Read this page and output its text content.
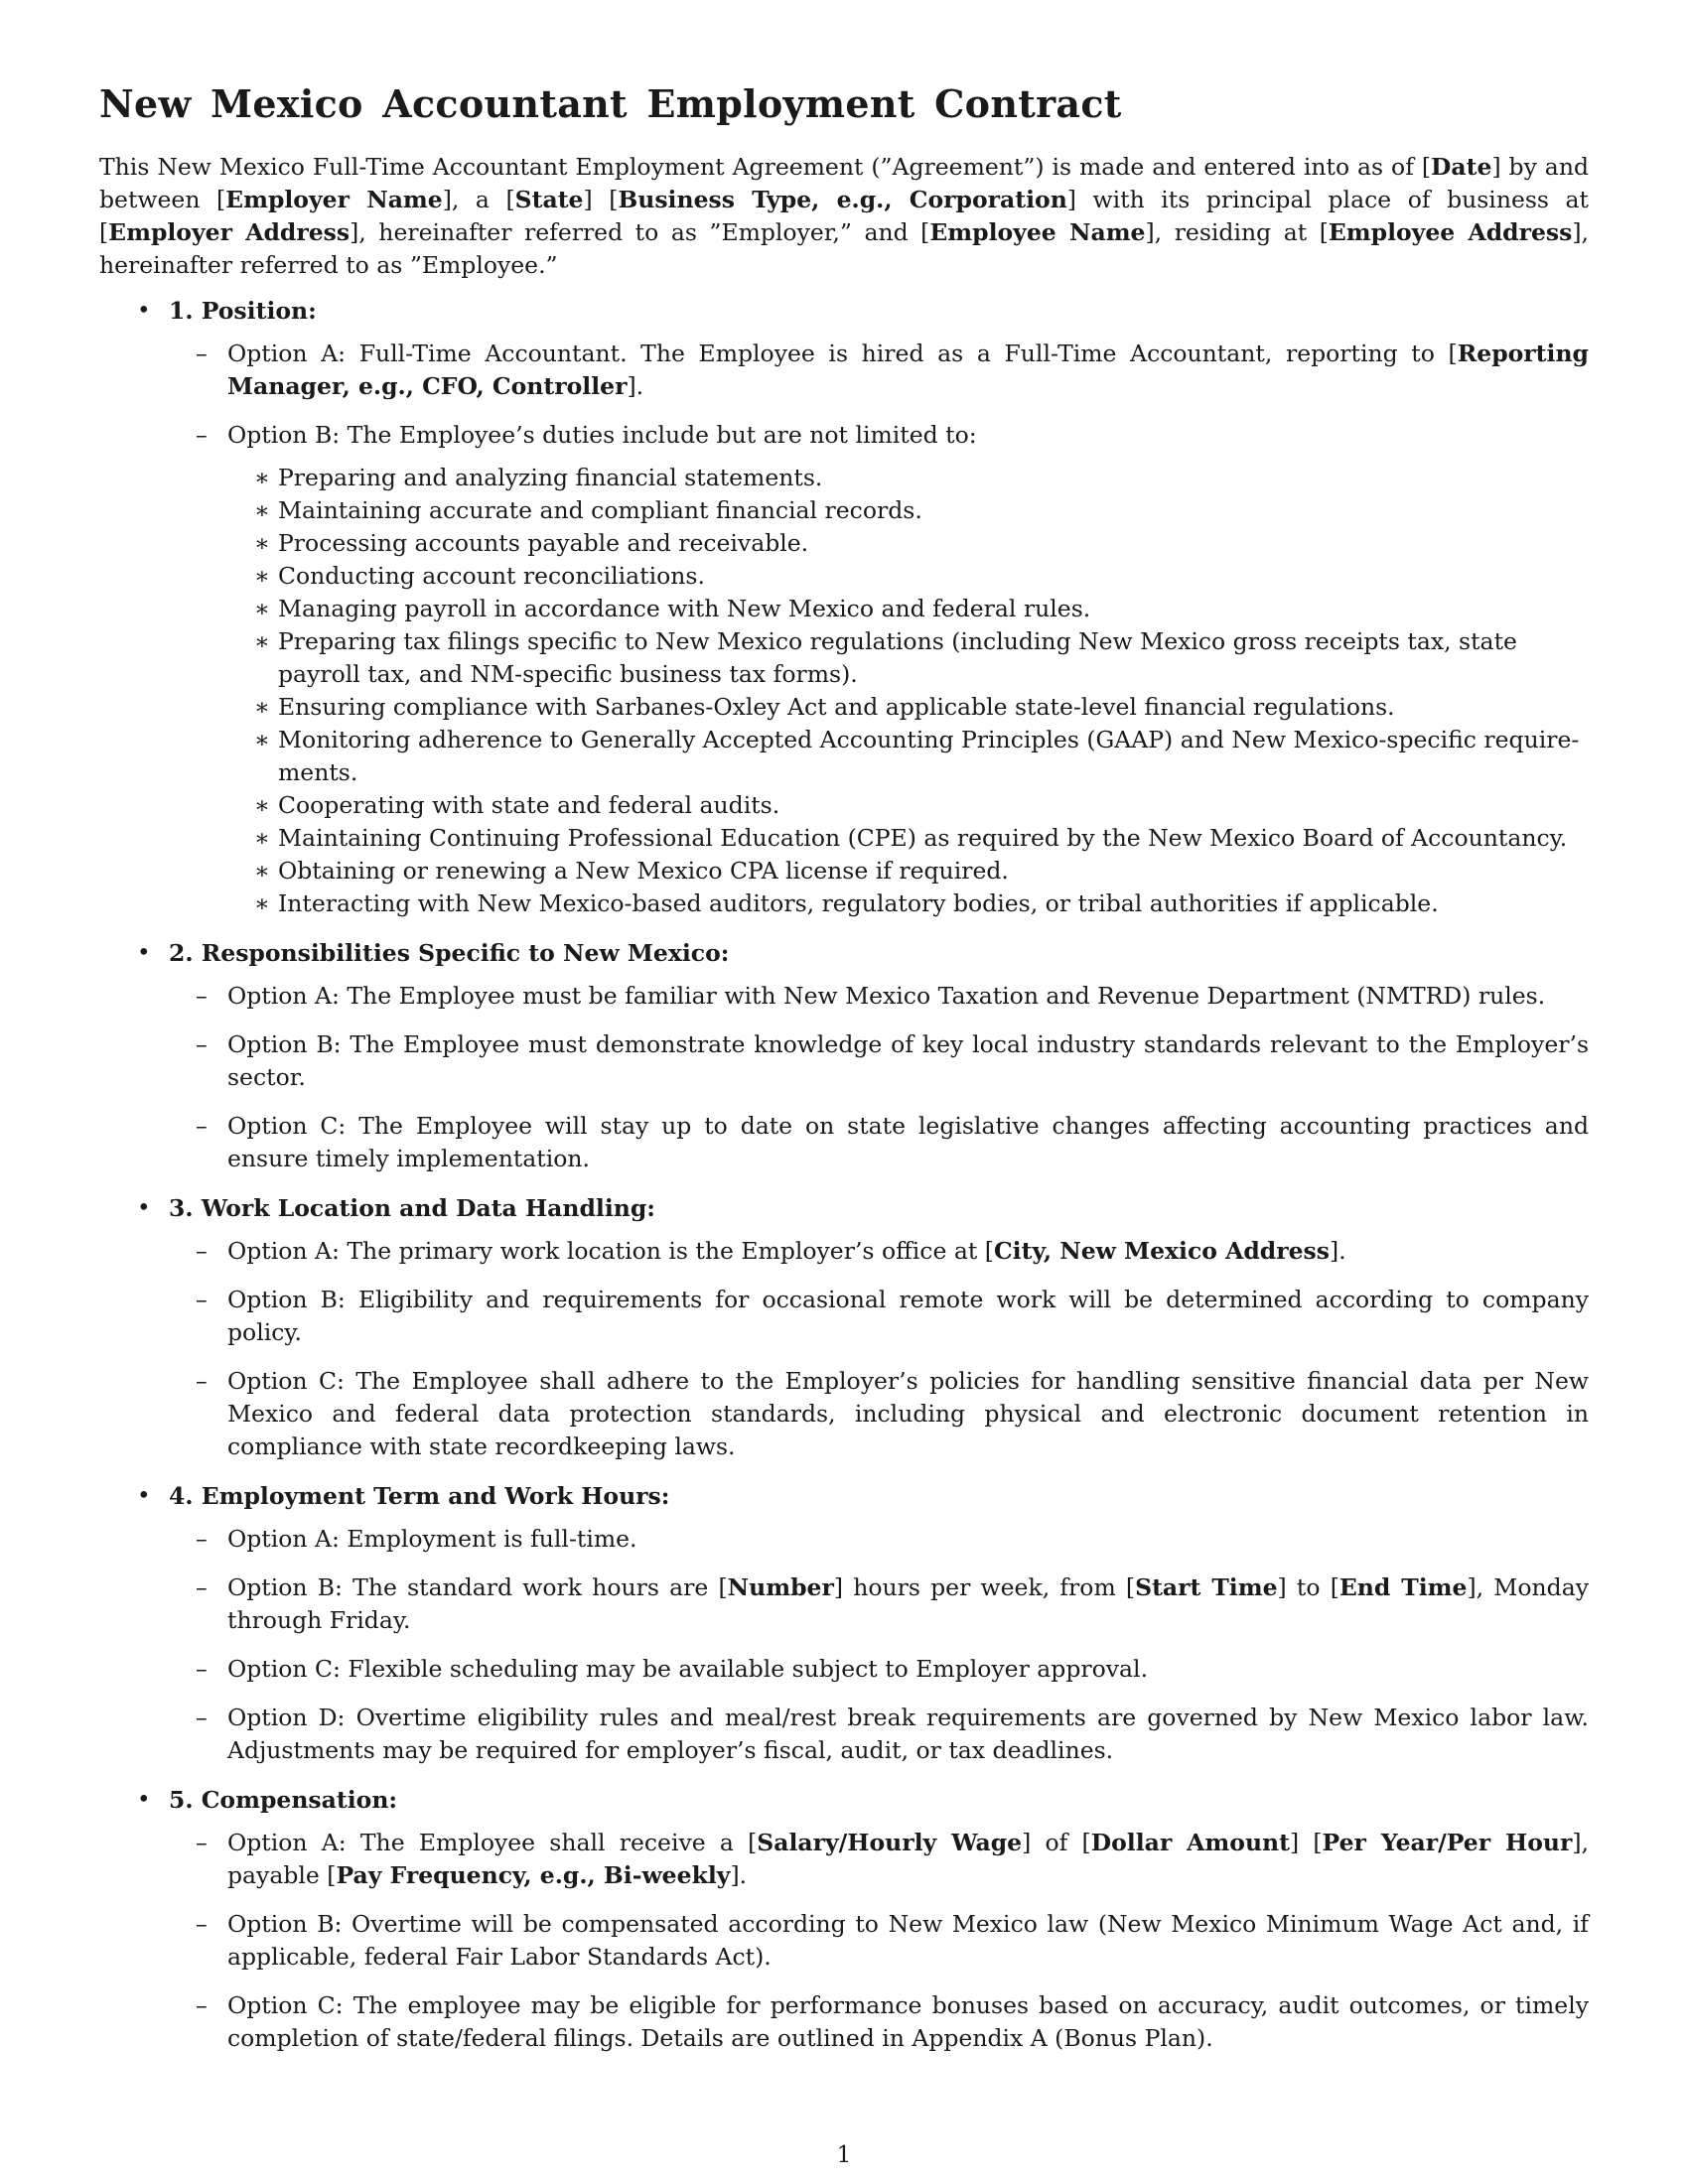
New Mexico Accountant Employment Contract

This New Mexico Full-Time Accountant Employment Agreement (”Agreement”) is made and entered into as of [Date] by and between [Employer Name], a [State] [Business Type, e.g., Corporation] with its principal place of business at [Employer Address], hereinafter referred to as ”Employer,” and [Employee Name], residing at [Employee Address], hereinafter referred to as ”Employee.”

• 1. Position:
– Option A: Full-Time Accountant. The Employee is hired as a Full-Time Accountant, reporting to [Reporting Manager, e.g., CFO, Controller].
– Option B: The Employee’s duties include but are not limited to:
∗ Preparing and analyzing financial statements.
∗ Maintaining accurate and compliant financial records.
∗ Processing accounts payable and receivable.
∗ Conducting account reconciliations.
∗ Managing payroll in accordance with New Mexico and federal rules.
∗ Preparing tax filings specific to New Mexico regulations (including New Mexico gross receipts tax, state payroll tax, and NM-specific business tax forms).
∗ Ensuring compliance with Sarbanes-Oxley Act and applicable state-level financial regulations.
∗ Monitoring adherence to Generally Accepted Accounting Principles (GAAP) and New Mexico-specific require-ments.
∗ Cooperating with state and federal audits.
∗ Maintaining Continuing Professional Education (CPE) as required by the New Mexico Board of Accountancy.
∗ Obtaining or renewing a New Mexico CPA license if required.
∗ Interacting with New Mexico-based auditors, regulatory bodies, or tribal authorities if applicable.
• 2. Responsibilities Specific to New Mexico:
– Option A: The Employee must be familiar with New Mexico Taxation and Revenue Department (NMTRD) rules.
– Option B: The Employee must demonstrate knowledge of key local industry standards relevant to the Employer’s sector.
– Option C: The Employee will stay up to date on state legislative changes affecting accounting practices and ensure timely implementation.
• 3. Work Location and Data Handling:
– Option A: The primary work location is the Employer’s office at [City, New Mexico Address].
– Option B: Eligibility and requirements for occasional remote work will be determined according to company policy.
– Option C: The Employee shall adhere to the Employer’s policies for handling sensitive financial data per New Mexico and federal data protection standards, including physical and electronic document retention in compliance with state recordkeeping laws.
• 4. Employment Term and Work Hours:
– Option A: Employment is full-time.
– Option B: The standard work hours are [Number] hours per week, from [Start Time] to [End Time], Monday through Friday.
– Option C: Flexible scheduling may be available subject to Employer approval.
– Option D: Overtime eligibility rules and meal/rest break requirements are governed by New Mexico labor law. Adjustments may be required for employer’s fiscal, audit, or tax deadlines.
• 5. Compensation:
– Option A: The Employee shall receive a [Salary/Hourly Wage] of [Dollar Amount] [Per Year/Per Hour], payable [Pay Frequency, e.g., Bi-weekly].
– Option B: Overtime will be compensated according to New Mexico law (New Mexico Minimum Wage Act and, if applicable, federal Fair Labor Standards Act).
– Option C: The employee may be eligible for performance bonuses based on accuracy, audit outcomes, or timely completion of state/federal filings. Details are outlined in Appendix A (Bonus Plan).
1
